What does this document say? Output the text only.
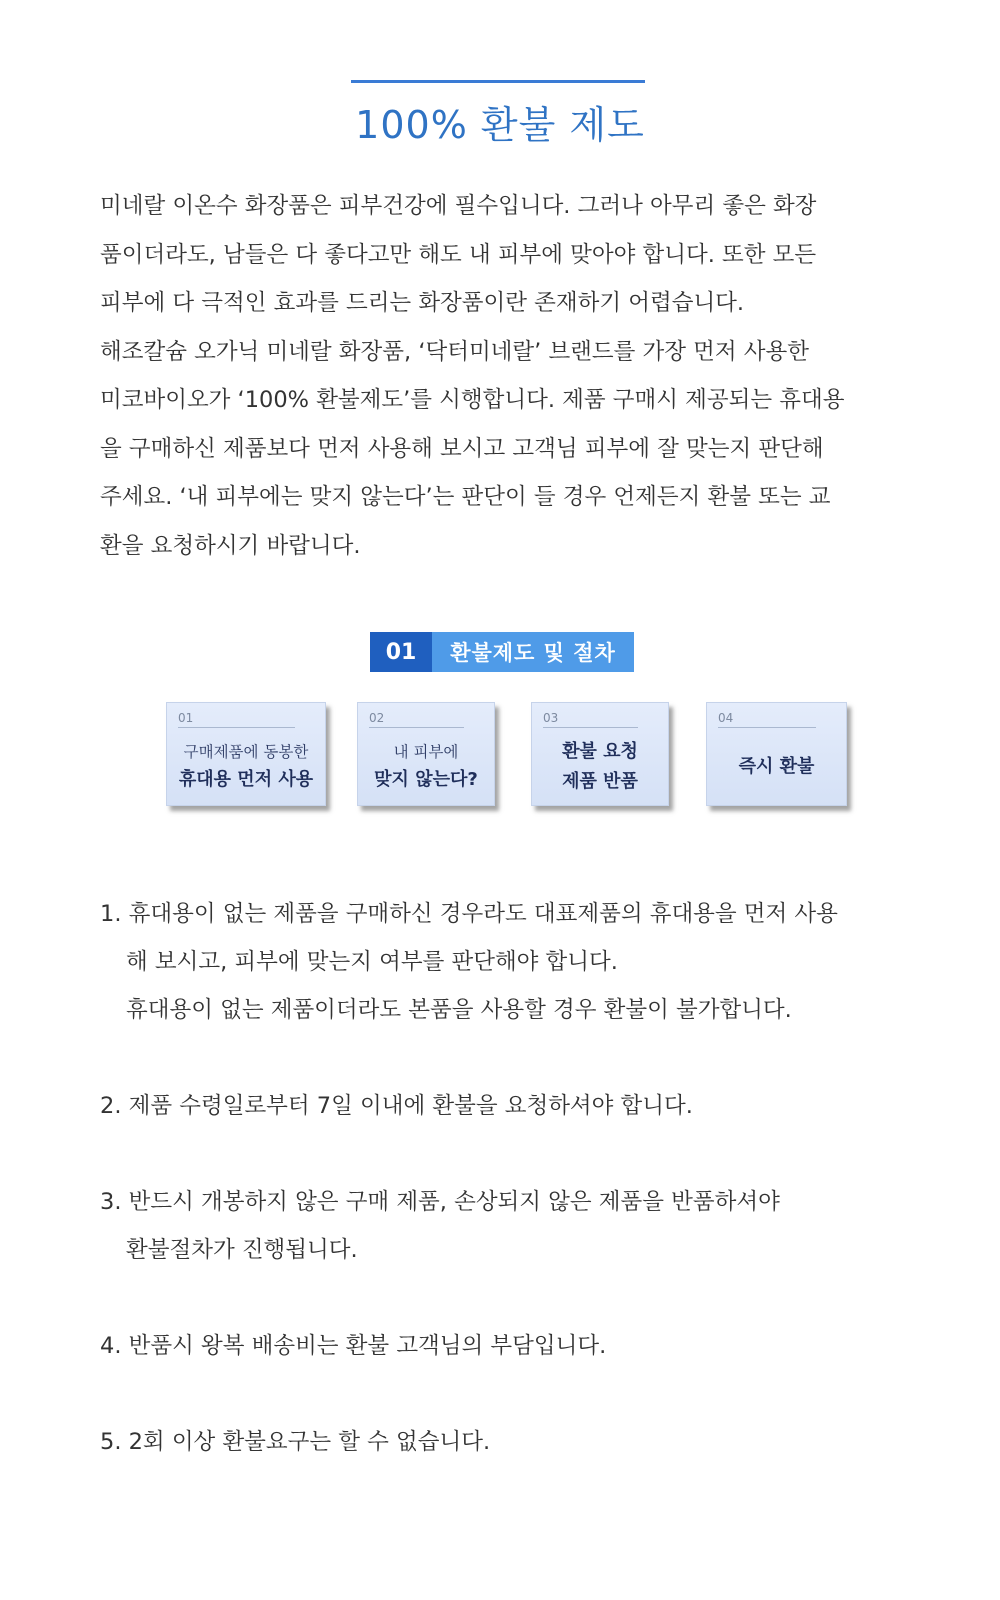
100% 환불 제도

미네랄 이온수 화장품은 피부건강에 필수입니다. 그러나 아무리 좋은 화장

품이더라도, 남들은 다 좋다고만 해도 내 피부에 맞아야 합니다. 또한 모든

피부에 다 극적인 효과를 드리는 화장품이란 존재하기 어렵습니다.

해조칼슘 오가닉 미네랄 화장품, ‘닥터미네랄’ 브랜드를 가장 먼저 사용한

미코바이오가 ‘100% 환불제도’를 시행합니다. 제품 구매시 제공되는 휴대용

을 구매하신 제품보다 먼저 사용해 보시고 고객님 피부에 잘 맞는지 판단해

주세요. ‘내 피부에는 맞지 않는다’는 판단이 들 경우 언제든지 환불 또는 교

환을 요청하시기 바랍니다.

01	환불제도 및 절차
01
구매제품에 동봉한
휴대용 먼저 사용
02
내 피부에
맞지 않는다?
03
환불 요청
제품 반품
04
즉시 환불
1. 휴대용이 없는 제품을 구매하신 경우라도 대표제품의 휴대용을 먼저 사용
해 보시고, 피부에 맞는지 여부를 판단해야 합니다.
휴대용이 없는 제품이더라도 본품을 사용할 경우 환불이 불가합니다.
2. 제품 수령일로부터 7일 이내에 환불을 요청하셔야 합니다.
3. 반드시 개봉하지 않은 구매 제품, 손상되지 않은 제품을 반품하셔야
환불절차가 진행됩니다.
4. 반품시 왕복 배송비는 환불 고객님의 부담입니다.
5. 2회 이상 환불요구는 할 수 없습니다.
